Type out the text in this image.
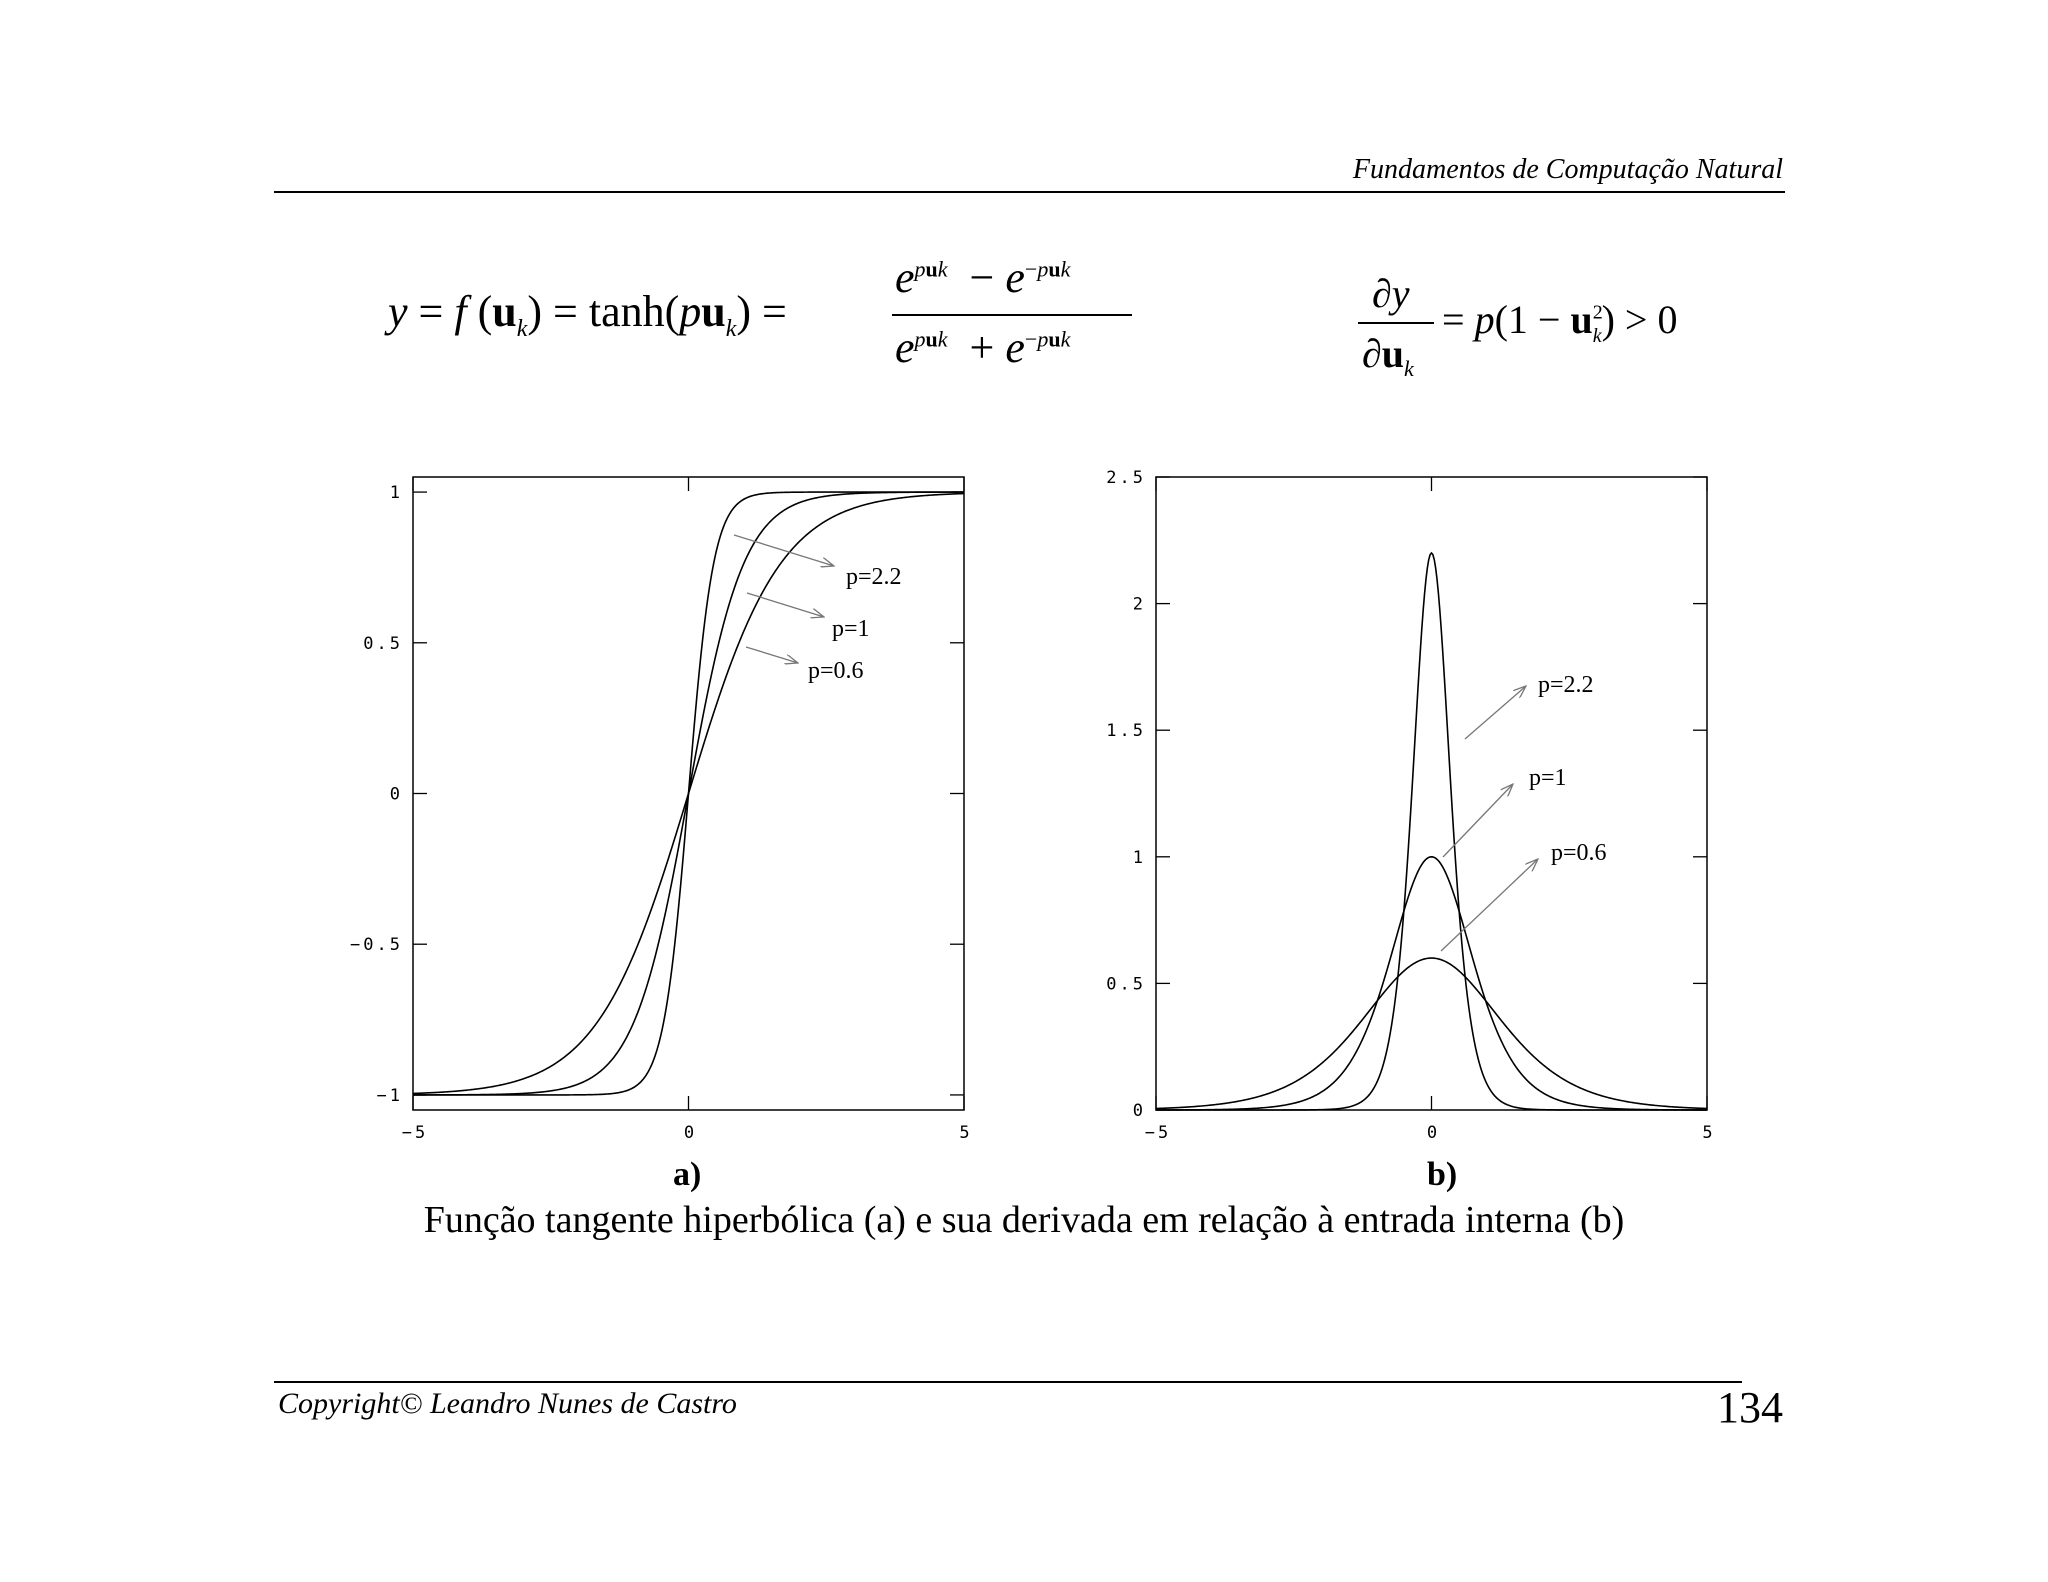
Fundamentos de Computação Natural
y = f $(u_k) = \tanh(pu_k)$ =
$e^{puk} - e^{-puk}$
$e^{puk} + e^{-puk}$
∂y
$\partial u_k$
= $p(1 - u^2_k) > 0$
−1
−0.5
0
0.5
1
−5	0	5
0
0.5
1
1.5
2
2.5
−5	0	5
p=2.2
p=1
p=0.6
p=2.2
p=1
p=0.6
a)	b)
Função tangente hiperbólica (a) e sua derivada em relação à entrada interna (b)
Copyright© Leandro Nunes de Castro	134
